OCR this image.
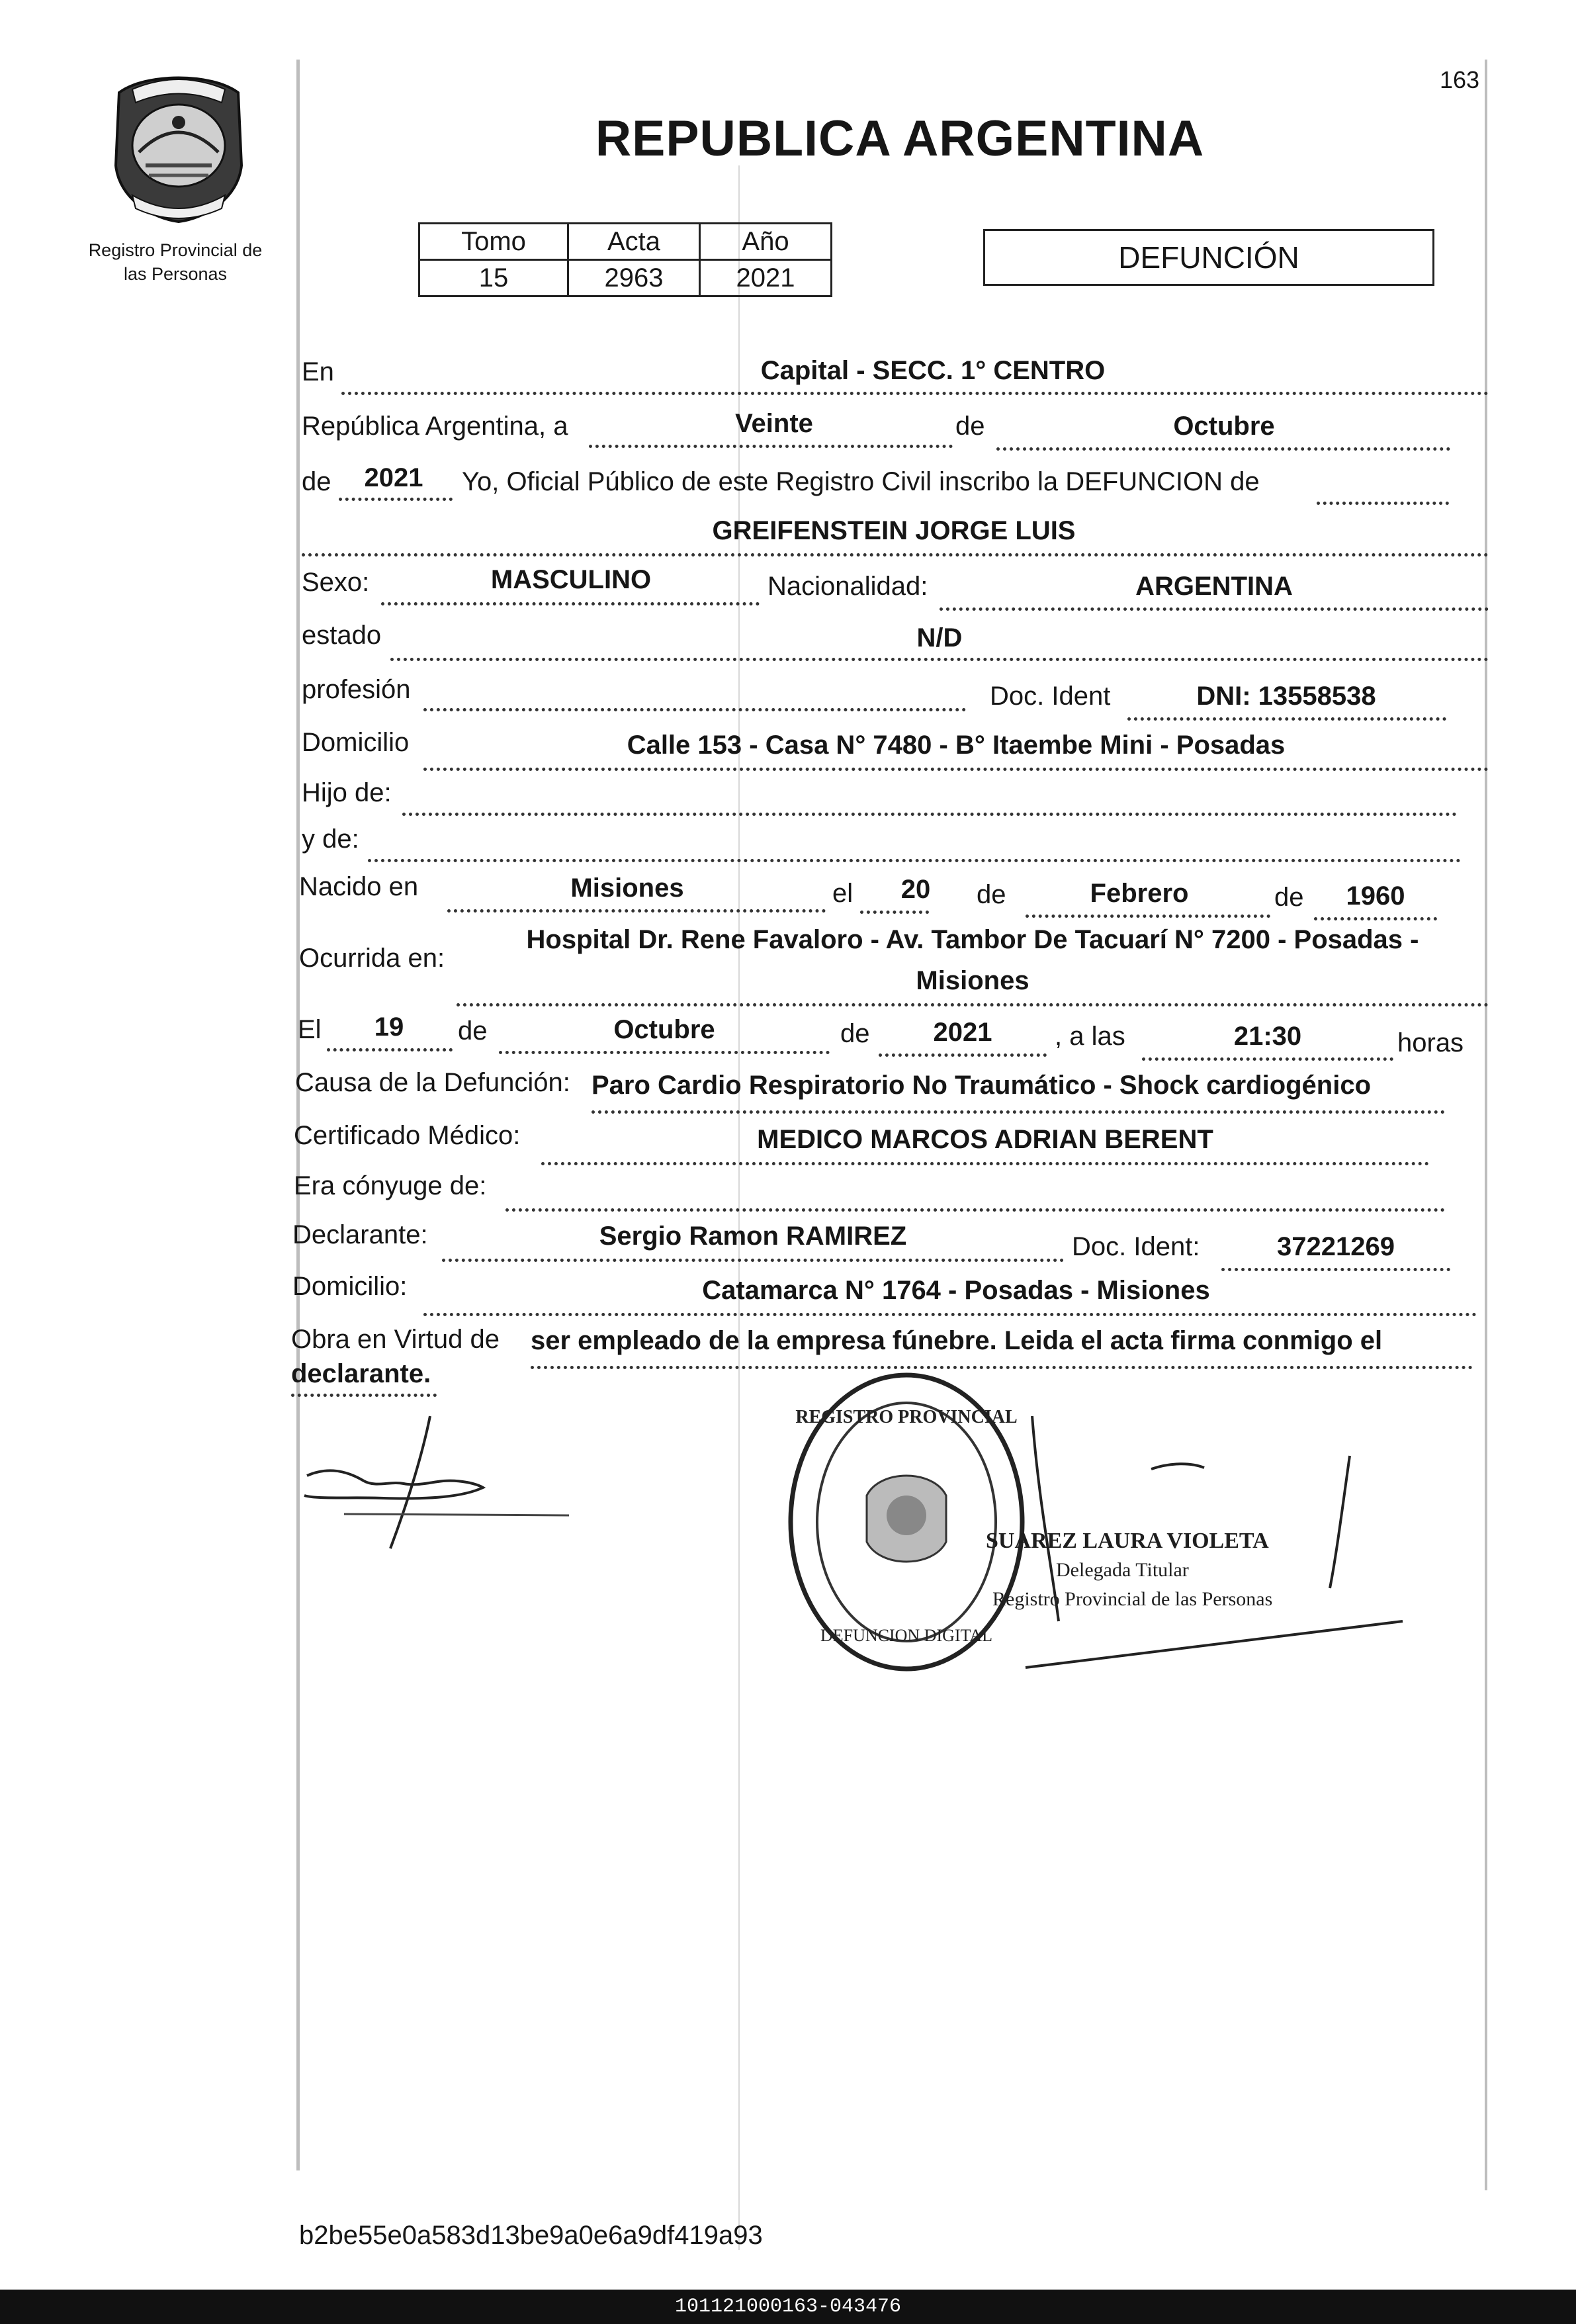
163
Registro Provincial de
las Personas
REPUBLICA ARGENTINA
Tomo	Acta	Año
15	2963	2021
DEFUNCIÓN
En	Capital - SECC. 1° CENTRO
República Argentina, a	Veinte	de	Octubre
de	2021	Yo, Oficial Público de este Registro Civil inscribo la DEFUNCION de
GREIFENSTEIN JORGE LUIS
Sexo:	MASCULINO	Nacionalidad:	ARGENTINA
estado	N/D
profesión	Doc. Ident	DNI: 13558538
Domicilio	Calle 153 - Casa N° 7480 - B° Itaembe Mini - Posadas
Hijo de:
y de:
Nacido en	Misiones	el	20	de	Febrero	de	1960
Ocurrida en:
Hospital Dr. Rene Favaloro - Av. Tambor De Tacuarí N° 7200 - Posadas -
Misiones
El	19	de	Octubre	de	2021	, a las	21:30	horas
Causa de la Defunción: Paro Cardio Respiratorio No Traumático - Shock cardiogénico
Certificado Médico:	MEDICO MARCOS ADRIAN BERENT
Era cónyuge de:
Declarante:	Sergio Ramon RAMIREZ	Doc. Ident:	37221269
Domicilio:	Catamarca N° 1764 - Posadas - Misiones
Obra en Virtud de ser empleado de la empresa fúnebre. Leida el acta firma conmigo el
declarante.
REGISTRO PROVINCIAL
DEFUNCION DIGITAL
SUAREZ LAURA VIOLETA
Delegada Titular
Registro Provincial de las Personas
b2be55e0a583d13be9a0e6a9df419a93
101121000163-043476
